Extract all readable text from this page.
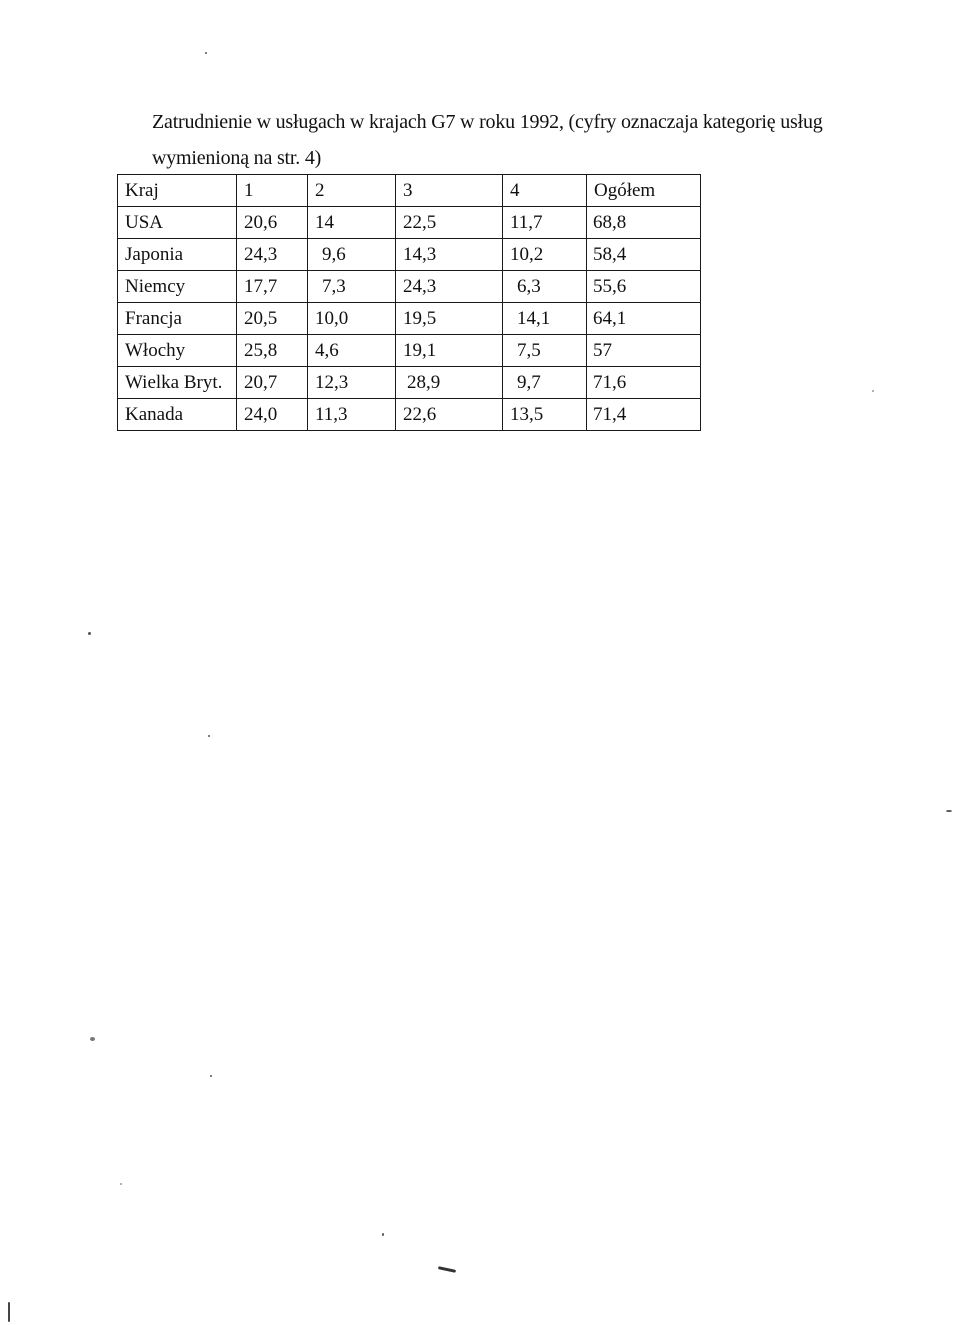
Zatrudnienie w usługach w krajach G7 w roku 1992, (cyfry oznaczaja kategorię usług
wymienioną na str. 4)
Kraj	1	2	3	4	Ogółem
USA	20,6	14	22,5	11,7	68,8
Japonia	24,3	9,6	14,3	10,2	58,4
Niemcy	17,7	7,3	24,3	6,3	55,6
Francja	20,5	10,0	19,5	14,1	64,1
Włochy	25,8	4,6	19,1	7,5	57
Wielka Bryt.	20,7	12,3	28,9	9,7	71,6
Kanada	24,0	11,3	22,6	13,5	71,4
